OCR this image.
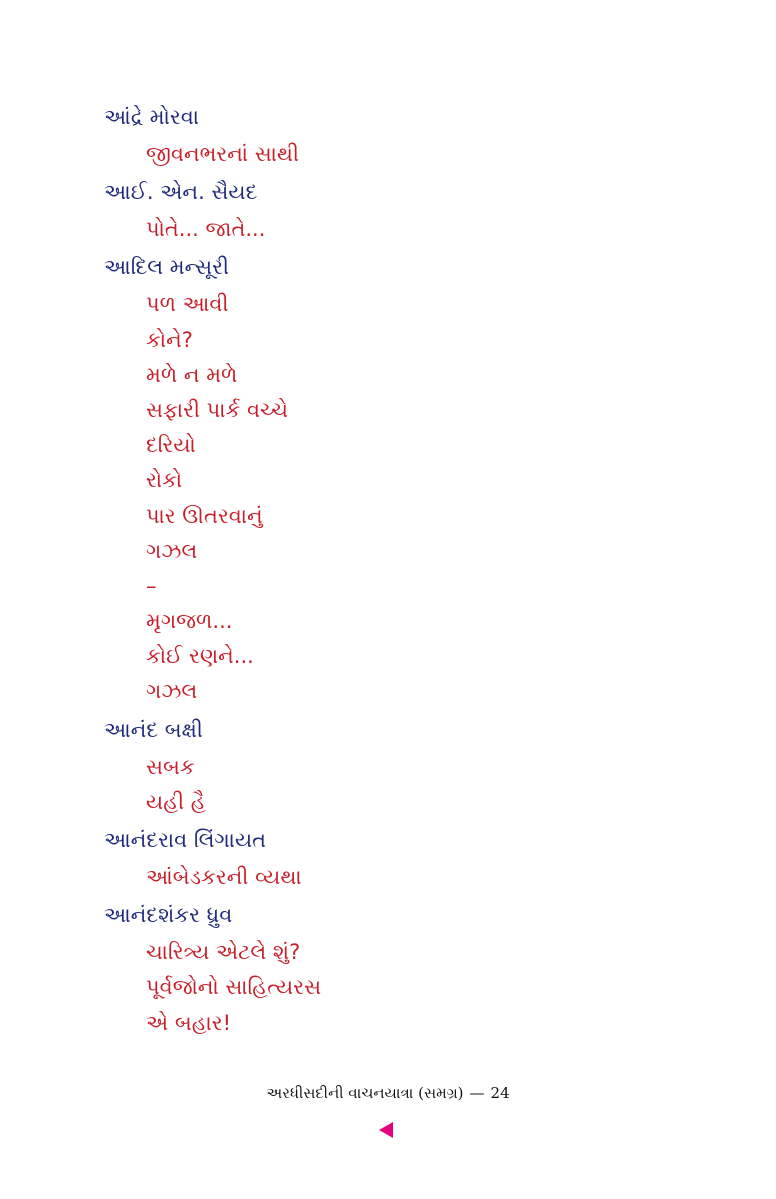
આંદ્રે મોરવા
જીવનભરનાં સાથી
આઈ. એન. સૈયદ
પોતે... જાતે...
આદિલ મન્સૂરી
પળ આવી
કોને?
મળે ન મળે
સફારી પાર્ક વચ્ચે
દરિયો
રોકો
પાર ઊતરવાનું
ગઝલ
–
મૃગજળ...
કોઈ રણને...
ગઝલ
આનંદ બક્ષી
સબક
યહી હૈ
આનંદરાવ લિંગાયત
આંબેડકરની વ્યથા
આનંદશંકર ધ્રુવ
ચારિત્ર્ય એટલે શું?
પૂર્વજોનો સાહિત્યરસ
એ બહાર!
અરધીસદીની વાચનયાત્રા (સમગ્ર) — 24
